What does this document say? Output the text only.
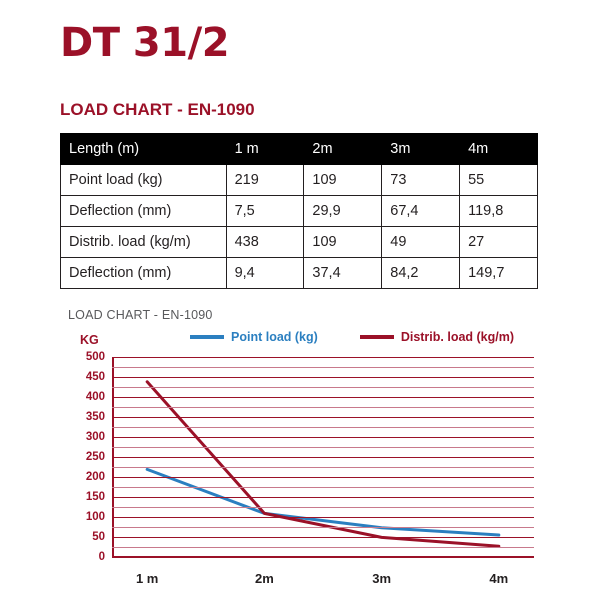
DT 31/2
LOAD CHART - EN-1090
Length (m)	1 m	2m	3m	4m
Point load (kg)	219	109	73	55
Deflection (mm)	7,5	29,9	67,4	119,8
Distrib. load (kg/m)	438	109	49	27
Deflection (mm)	9,4	37,4	84,2	149,7
LOAD CHART - EN-1090
KG	Point load (kg)	Distrib. load (kg/m)
0
50
100
150
200
250
300
350
400
450
500
1 m	2m	3m	4m
